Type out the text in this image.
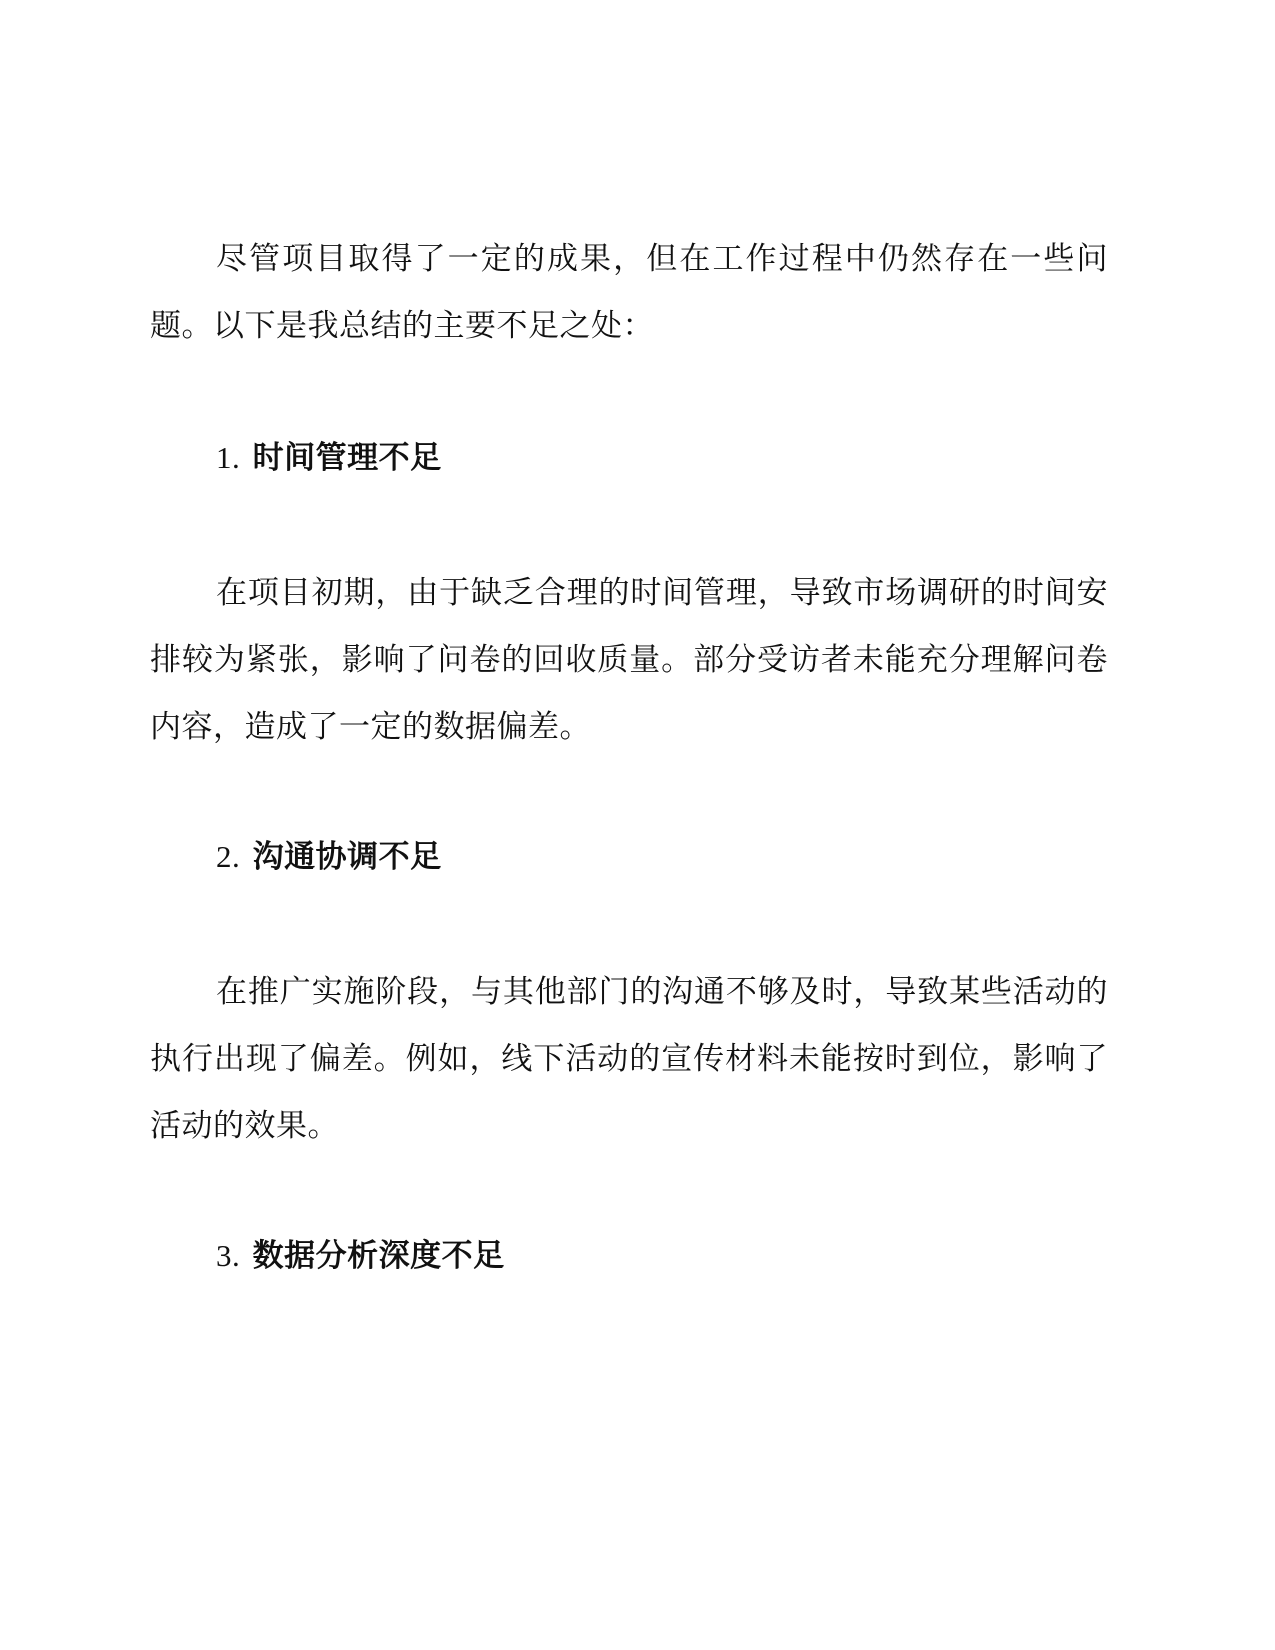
尽管项目取得了一定的成果，但在工作过程中仍然存在一些问题。以下是我总结的主要不足之处：

1. 时间管理不足

在项目初期，由于缺乏合理的时间管理，导致市场调研的时间安排较为紧张，影响了问卷的回收质量。部分受访者未能充分理解问卷内容，造成了一定的数据偏差。

2. 沟通协调不足

在推广实施阶段，与其他部门的沟通不够及时，导致某些活动的执行出现了偏差。例如，线下活动的宣传材料未能按时到位，影响了活动的效果。

3. 数据分析深度不足
